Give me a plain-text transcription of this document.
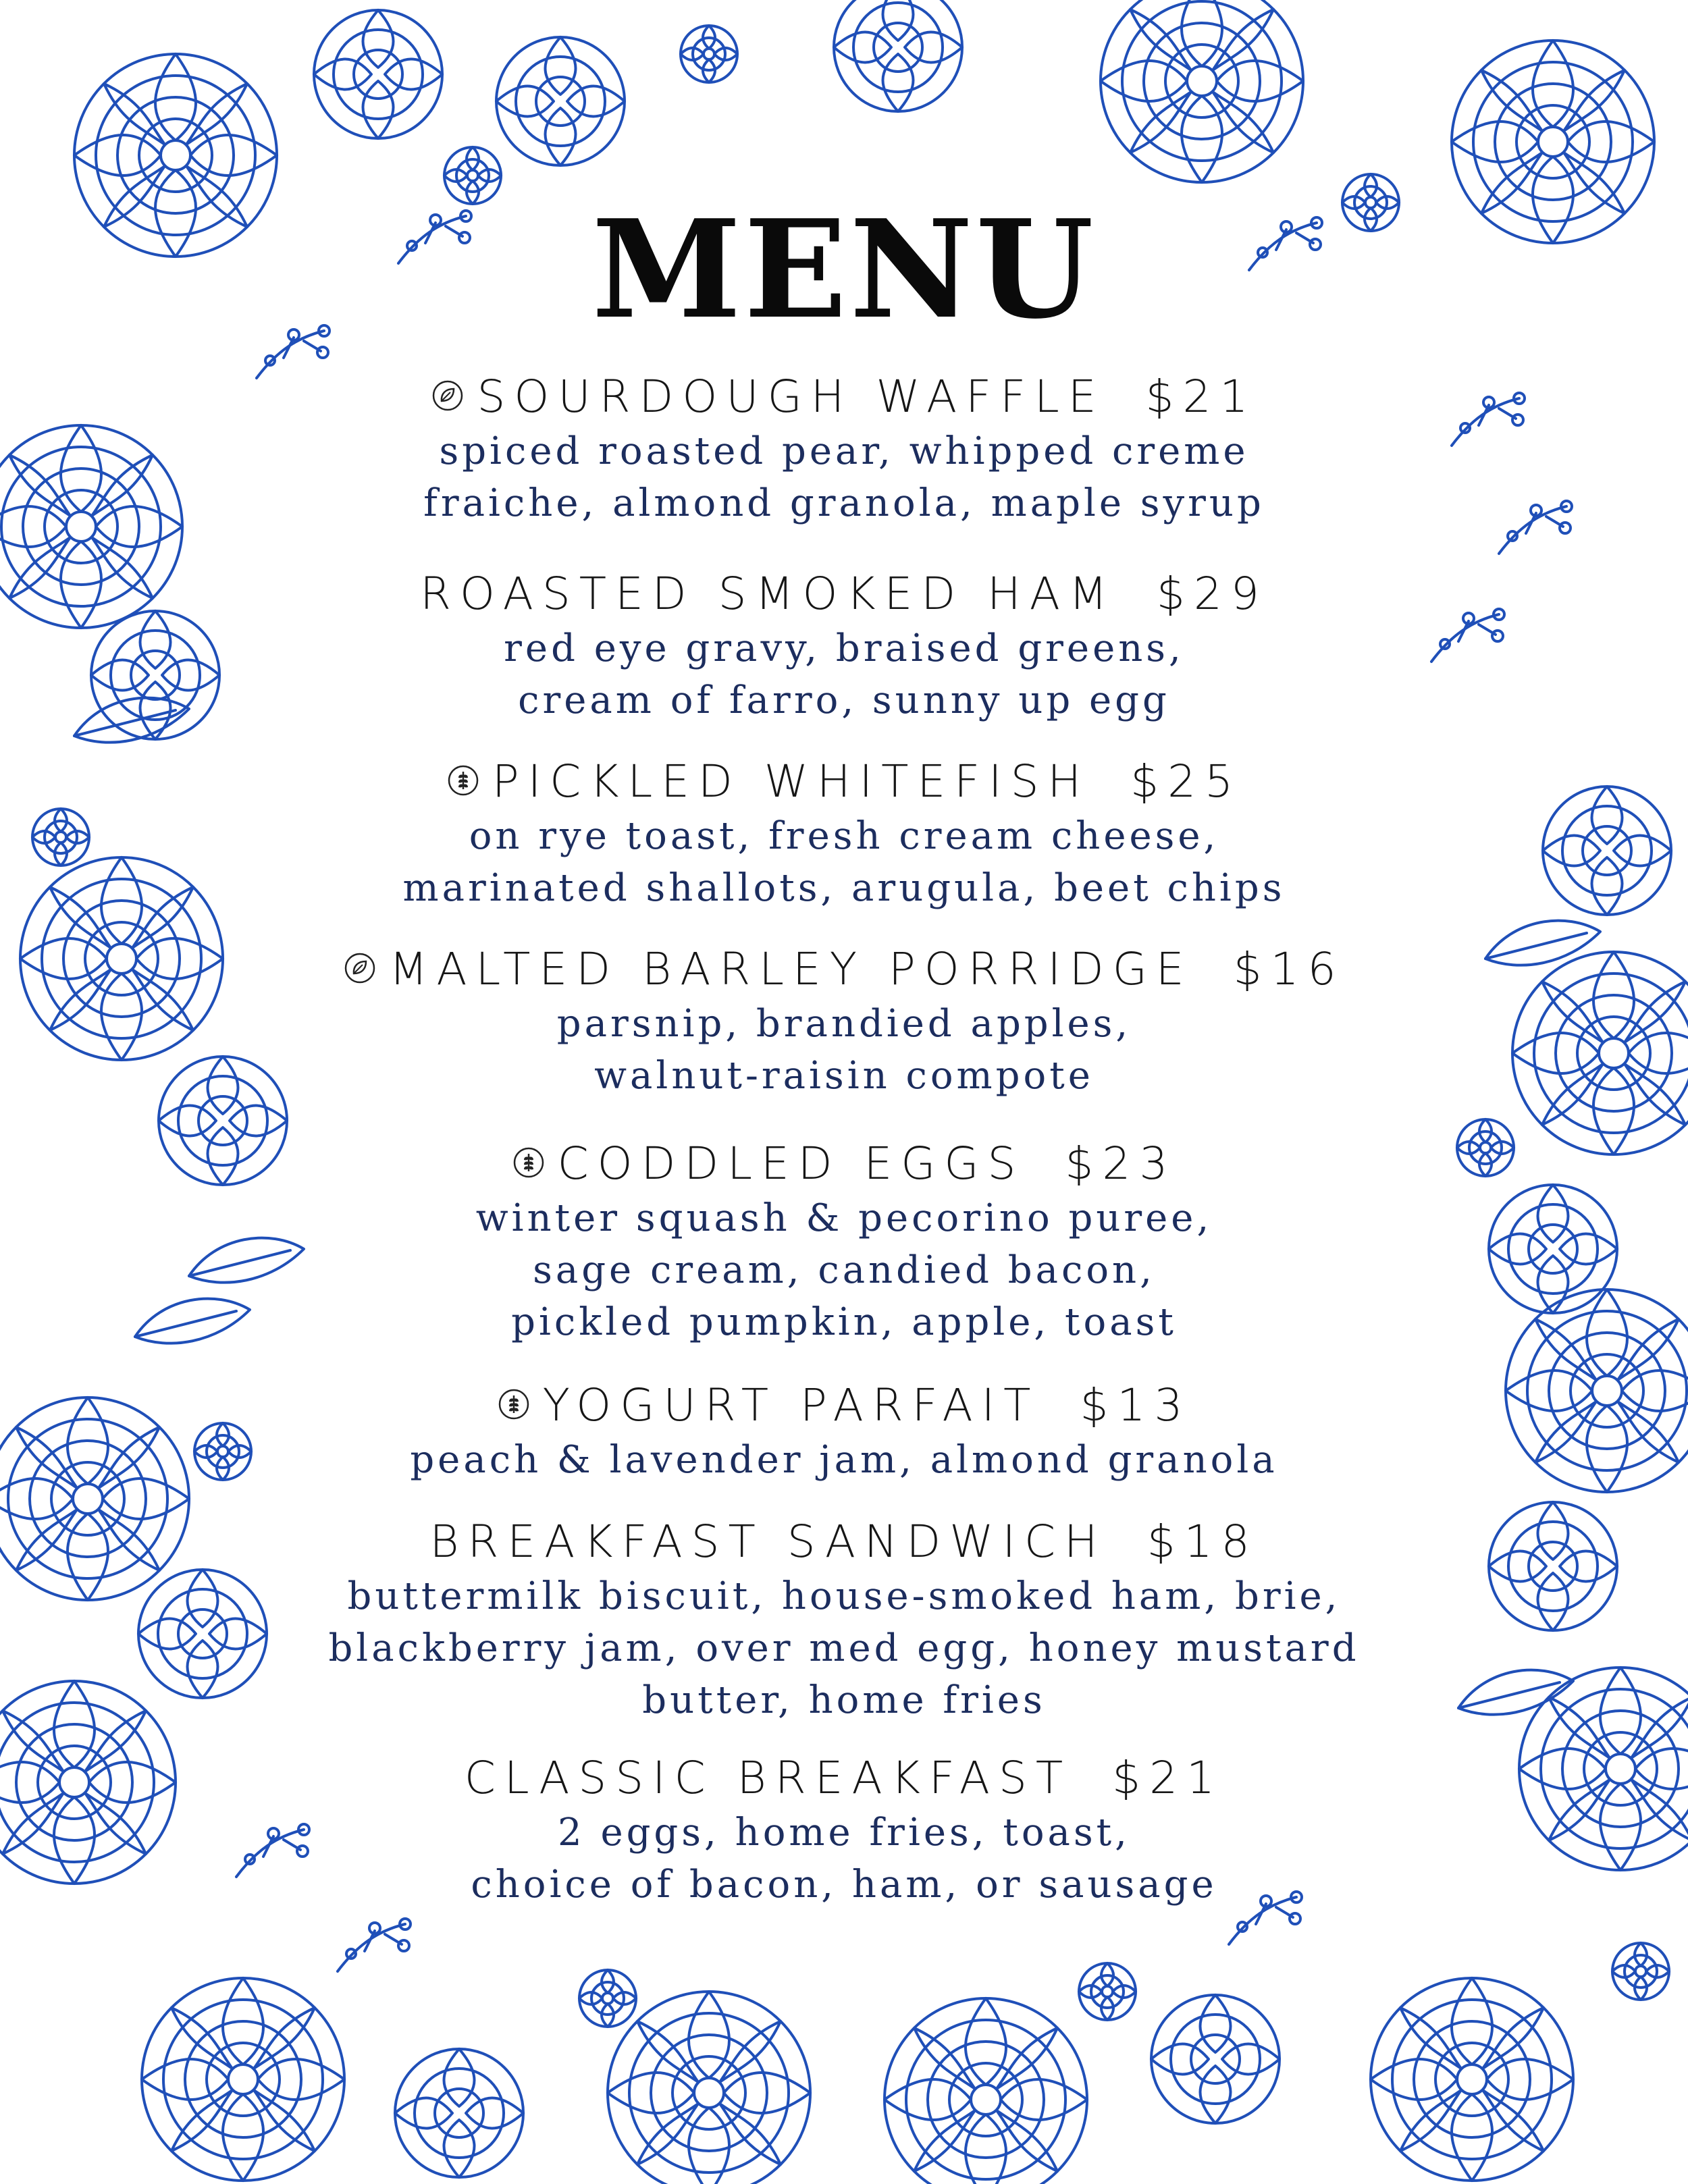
MENU
SOURDOUGH WAFFLE $21
spiced roasted pear, whipped creme
fraiche, almond granola, maple syrup
ROASTED SMOKED HAM $29
red eye gravy, braised greens,
cream of farro, sunny up egg
PICKLED WHITEFISH $25
on rye toast, fresh cream cheese,
marinated shallots, arugula, beet chips
MALTED BARLEY PORRIDGE $16
parsnip, brandied apples,
walnut-raisin compote
CODDLED EGGS $23
winter squash & pecorino puree,
sage cream, candied bacon,
pickled pumpkin, apple, toast
YOGURT PARFAIT $13
peach & lavender jam, almond granola
BREAKFAST SANDWICH $18
buttermilk biscuit, house-smoked ham, brie,
blackberry jam, over med egg, honey mustard
butter, home fries
CLASSIC BREAKFAST $21
2 eggs, home fries, toast,
choice of bacon, ham, or sausage
